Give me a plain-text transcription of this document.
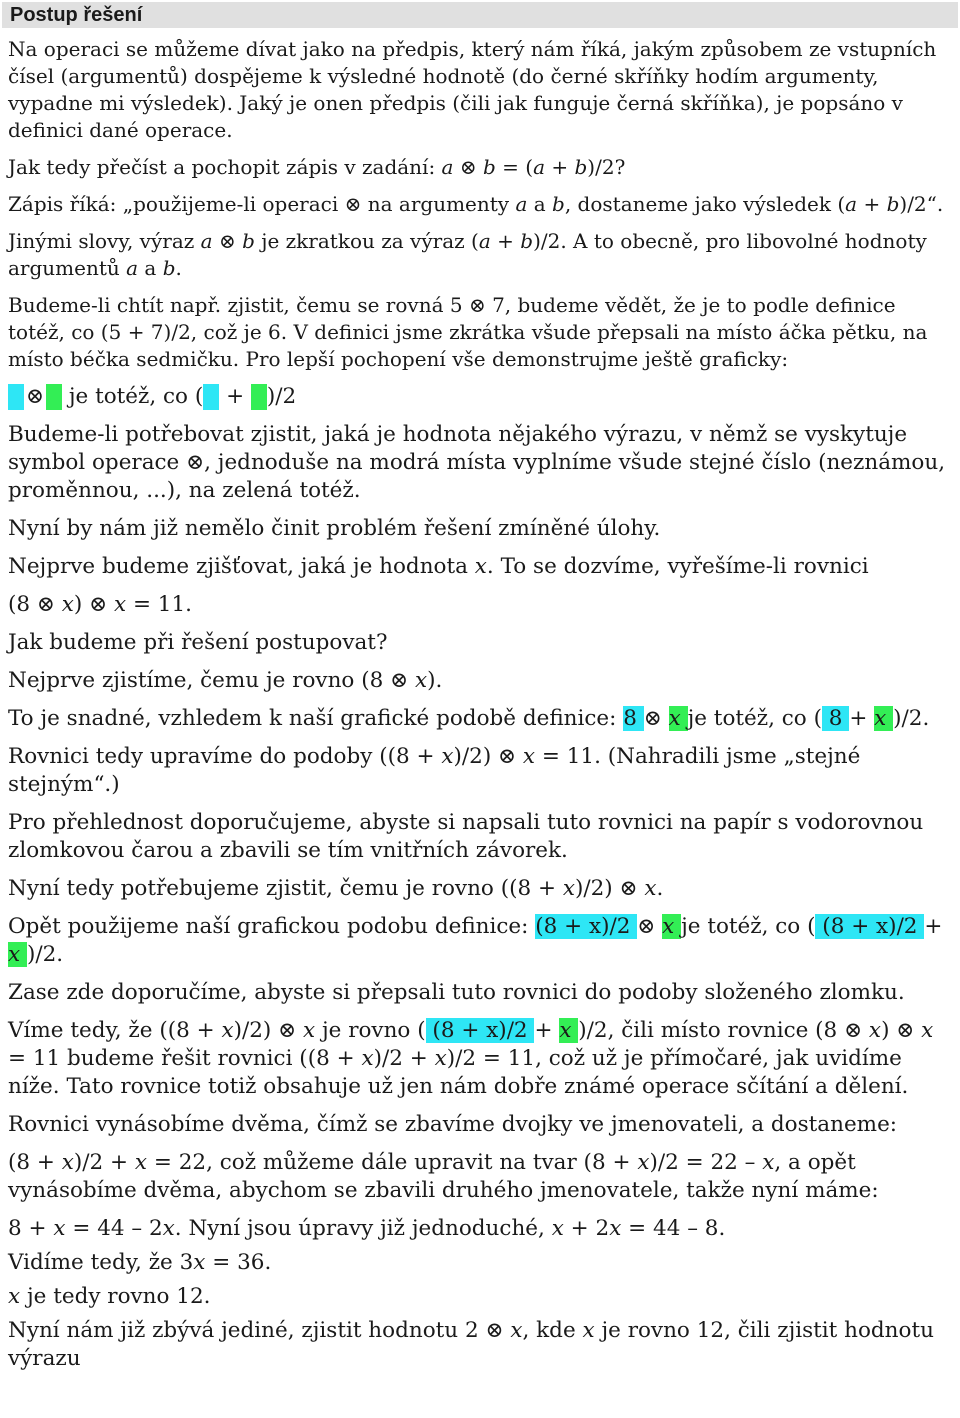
Postup řešení

Na operaci se můžeme dívat jako na předpis, který nám říká, jakým způsobem ze vstupních čísel (argumentů) dospějeme k výsledné hodnotě (do černé skříňky hodím argumenty, vypadne mi výsledek). Jaký je onen předpis (čili jak funguje černá skříňka), je popsáno v definici dané operace.

Jak tedy přečíst a pochopit zápis v zadání: a ⊗ b = (a + b)/2?

Zápis říká: „použijeme-li operaci ⊗ na argumenty a a b, dostaneme jako výsledek (a + b)/2“.

Jinými slovy, výraz a ⊗ b je zkratkou za výraz (a + b)/2. A to obecně, pro libovolné hodnoty argumentů a a b.

Budeme-li chtít např. zjistit, čemu se rovná 5 ⊗ 7, budeme vědět, že je to podle definice totéž, co (5 + 7)/2, což je 6. V definici jsme zkrátka všude přepsali na místo áčka pětku, na místo béčka sedmičku. Pro lepší pochopení vše demonstrujme ještě graficky:

⊗ je totéž, co ( + )/2

Budeme-li potřebovat zjistit, jaká je hodnota nějakého výrazu, v němž se vyskytuje symbol operace ⊗, jednoduše na modrá místa vyplníme všude stejné číslo (neznámou, proměnnou, ...), na zelená totéž.

Nyní by nám již nemělo činit problém řešení zmíněné úlohy.

Nejprve budeme zjišťovat, jaká je hodnota x. To se dozvíme, vyřešíme-li rovnici

(8 ⊗ x) ⊗ x = 11.

Jak budeme při řešení postupovat?

Nejprve zjistíme, čemu je rovno (8 ⊗ x).

To je snadné, vzhledem k naší grafické podobě definice: 8 ⊗ x je totéž, co ( 8 + x )/2.

Rovnici tedy upravíme do podoby ((8 + x)/2) ⊗ x = 11. (Nahradili jsme „stejné stejným“.)

Pro přehlednost doporučujeme, abyste si napsali tuto rovnici na papír s vodorovnou zlomkovou čarou a zbavili se tím vnitřních závorek.

Nyní tedy potřebujeme zjistit, čemu je rovno ((8 + x)/2) ⊗ x.

Opět použijeme naší grafickou podobu definice: (8 + x)/2 ⊗ x je totéž, co ( (8 + x)/2 + x )/2.

Zase zde doporučíme, abyste si přepsali tuto rovnici do podoby složeného zlomku.

Víme tedy, že ((8 + x)/2) ⊗ x je rovno ( (8 + x)/2 + x )/2, čili místo rovnice (8 ⊗ x) ⊗ x = 11 budeme řešit rovnici ((8 + x)/2 + x)/2 = 11, což už je přímočaré, jak uvidíme níže. Tato rovnice totiž obsahuje už jen nám dobře známé operace sčítání a dělení.

Rovnici vynásobíme dvěma, čímž se zbavíme dvojky ve jmenovateli, a dostaneme:

(8 + x)/2 + x = 22, což můžeme dále upravit na tvar (8 + x)/2 = 22 – x, a opět vynásobíme dvěma, abychom se zbavili druhého jmenovatele, takže nyní máme:

8 + x = 44 – 2x. Nyní jsou úpravy již jednoduché, x + 2x = 44 – 8.

Vidíme tedy, že 3x = 36.

x je tedy rovno 12.

Nyní nám již zbývá jediné, zjistit hodnotu 2 ⊗ x, kde x je rovno 12, čili zjistit hodnotu výrazu
